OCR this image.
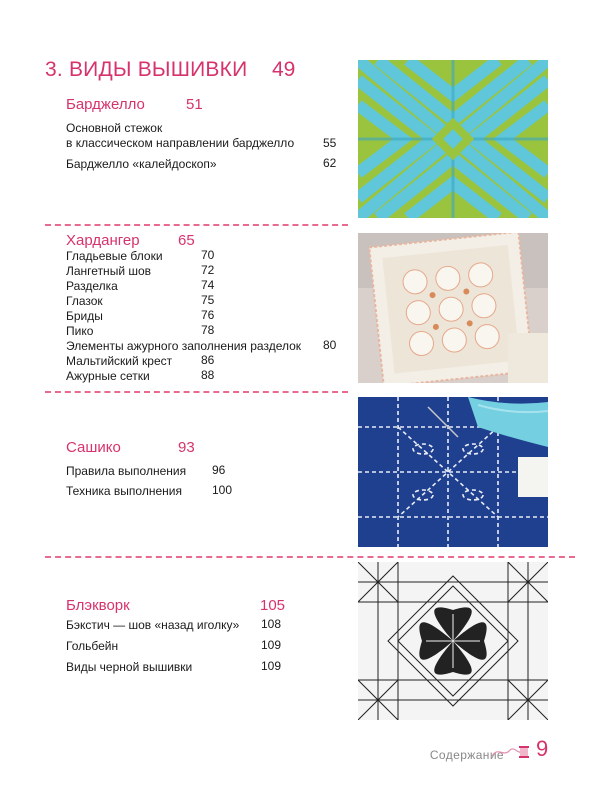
3. ВИДЫ ВЫШИВКИ 49
Барджелло	51
Основной стежок
в классическом направлении барджелло 55
Барджелло «калейдоскоп»	62
Хардангер	65
Гладьевые блоки	70
Лангетный шов	72
Разделка	74
Глазок	75
Бриды	76
Пико	78
Элементы ажурного заполнения разделок 80
Мальтийский крест 86
Ажурные сетки	88
Сашико	93
Правила выполнения 96
Техника выполнения	100
Блэкворк	105
Бэкстич — шов «назад иголку» 108
Гольбейн	109
Виды черной вышивки	109
Содержание 9
